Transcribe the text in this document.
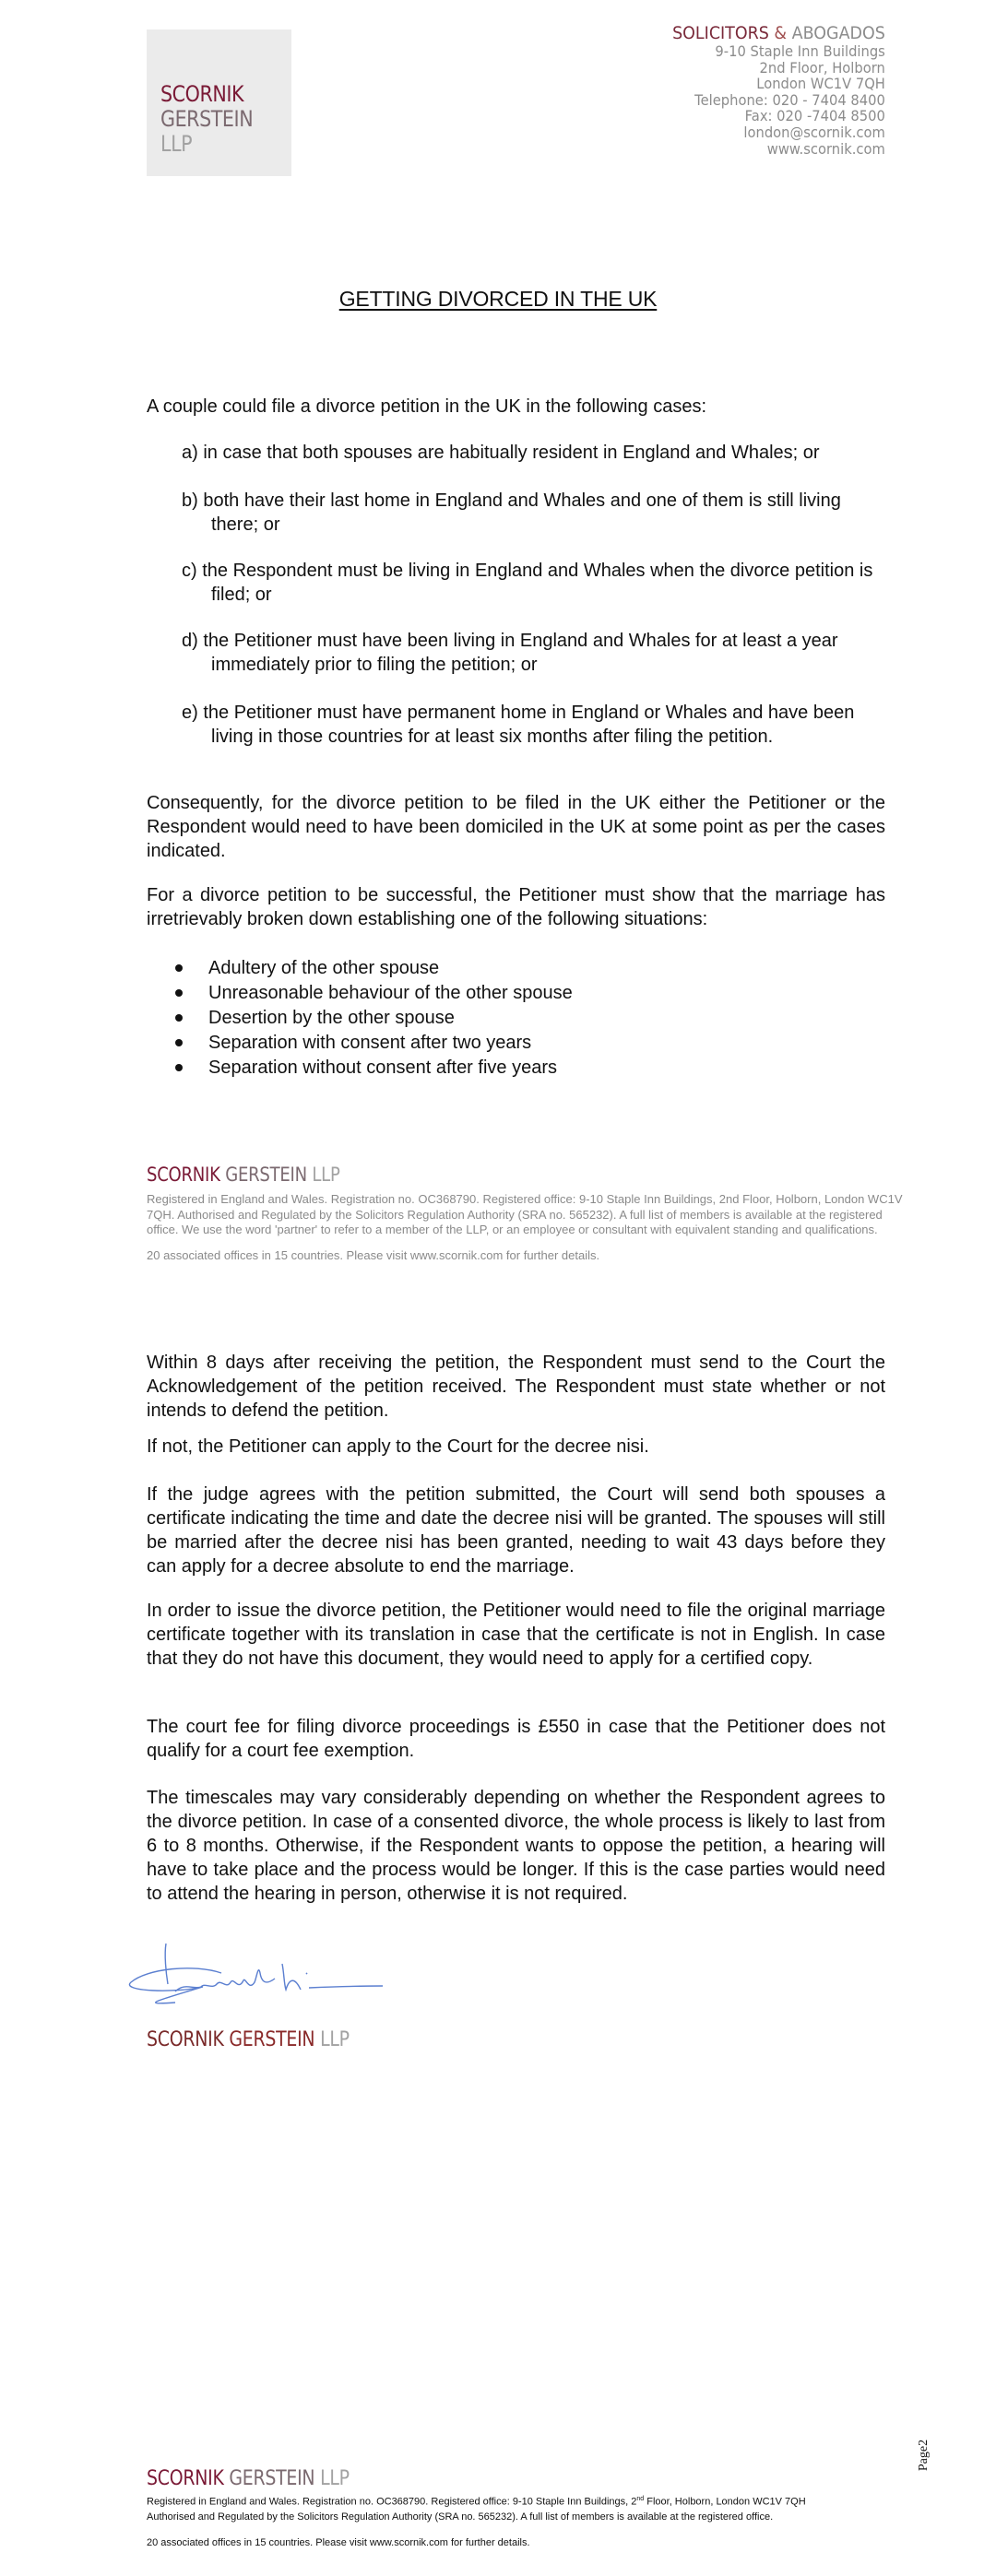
SCORNIK
GERSTEIN
LLP
SOLICITORS & ABOGADOS
9-10 Staple Inn Buildings
2nd Floor, Holborn
London WC1V 7QH
Telephone: 020 - 7404 8400
Fax: 020 -7404 8500
london@scornik.com
www.scornik.com
GETTING DIVORCED IN THE UK
A couple could file a divorce petition in the UK in the following cases:
a) in case that both spouses are habitually resident in England and Whales; or
b) both have their last home in England and Whales and one of them is still living there; or
c) the Respondent must be living in England and Whales when the divorce petition is filed; or
d) the Petitioner must have been living in England and Whales for at least a year immediately prior to filing the petition; or
e) the Petitioner must have permanent home in England or Whales and have been living in those countries for at least six months after filing the petition.
Consequently, for the divorce petition to be filed in the UK either the Petitioner or the Respondent would need to have been domiciled in the UK at some point as per the cases indicated.
For a divorce petition to be successful, the Petitioner must show that the marriage has irretrievably broken down establishing one of the following situations:
Adultery of the other spouse
Unreasonable behaviour of the other spouse
Desertion by the other spouse
Separation with consent after two years
Separation without consent after five years
SCORNIK GERSTEIN LLP
Registered in England and Wales. Registration no. OC368790. Registered office: 9-10 Staple Inn Buildings, 2nd Floor, Holborn, London WC1V 7QH. Authorised and Regulated by the Solicitors Regulation Authority (SRA no. 565232). A full list of members is available at the registered office. We use the word 'partner' to refer to a member of the LLP, or an employee or consultant with equivalent standing and qualifications.
20 associated offices in 15 countries. Please visit www.scornik.com for further details.
Within 8 days after receiving the petition, the Respondent must send to the Court the Acknowledgement of the petition received. The Respondent must state whether or not intends to defend the petition.
If not, the Petitioner can apply to the Court for the decree nisi.
If the judge agrees with the petition submitted, the Court will send both spouses a certificate indicating the time and date the decree nisi will be granted. The spouses will still be married after the decree nisi has been granted, needing to wait 43 days before they can apply for a decree absolute to end the marriage.
In order to issue the divorce petition, the Petitioner would need to file the original marriage certificate together with its translation in case that the certificate is not in English. In case that they do not have this document, they would need to apply for a certified copy.
The court fee for filing divorce proceedings is £550 in case that the Petitioner does not qualify for a court fee exemption.
The timescales may vary considerably depending on whether the Respondent agrees to the divorce petition. In case of a consented divorce, the whole process is likely to last from 6 to 8 months. Otherwise, if the Respondent wants to oppose the petition, a hearing will have to take place and the process would be longer. If this is the case parties would need to attend the hearing in person, otherwise it is not required.
SCORNIK GERSTEIN LLP
SCORNIK GERSTEIN LLP
Registered in England and Wales. Registration no. OC368790. Registered office: 9-10 Staple Inn Buildings, 2nd Floor, Holborn, London WC1V 7QH
Authorised and Regulated by the Solicitors Regulation Authority (SRA no. 565232). A full list of members is available at the registered office.
20 associated offices in 15 countries. Please visit www.scornik.com for further details.
Page2
